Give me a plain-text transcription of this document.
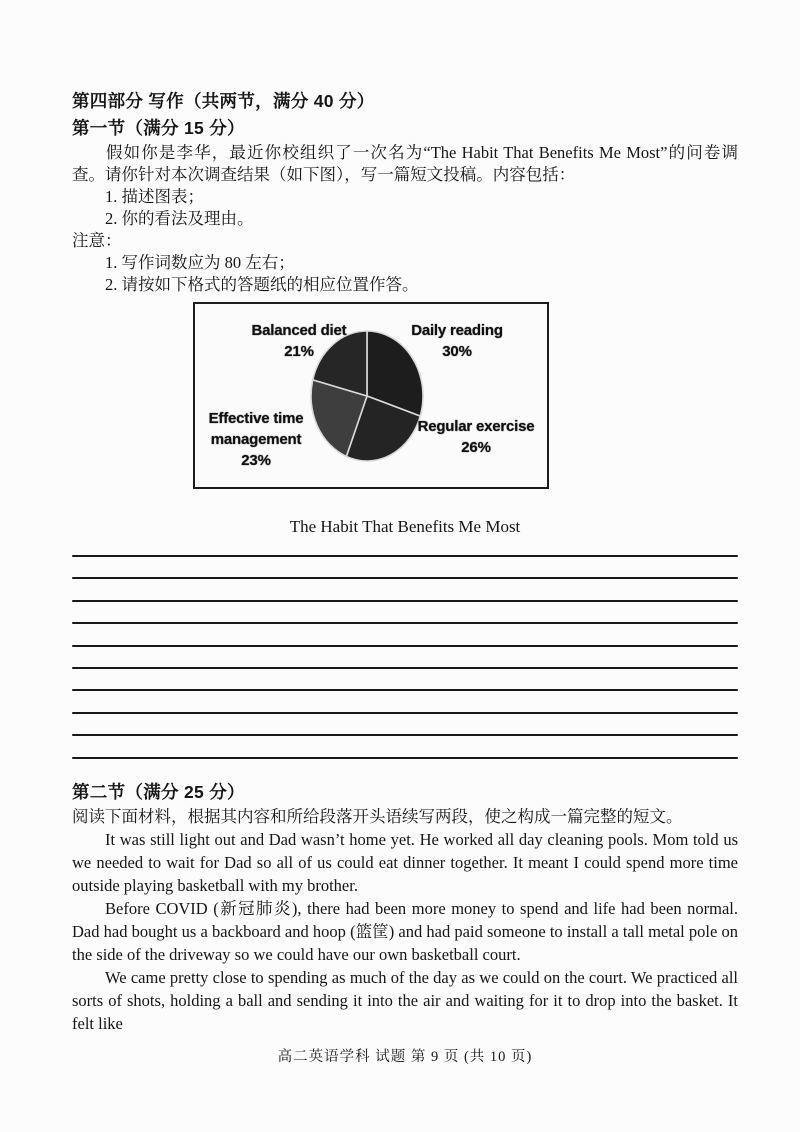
第四部分 写作（共两节，满分 40 分）
第一节（满分 15 分）
假如你是李华，最近你校组织了一次名为“The Habit That Benefits Me Most”的问卷调查。请你针对本次调查结果（如下图），写一篇短文投稿。内容包括：
1. 描述图表；
2. 你的看法及理由。
注意：
1. 写作词数应为 80 左右；
2. 请按如下格式的答题纸的相应位置作答。
Balanced diet
21%
Daily reading
30%
Effective time management
23%
Regular exercise
26%
The Habit That Benefits Me Most
第二节（满分 25 分）
阅读下面材料，根据其内容和所给段落开头语续写两段，使之构成一篇完整的短文。

It was still light out and Dad wasn’t home yet. He worked all day cleaning pools. Mom told us we needed to wait for Dad so all of us could eat dinner together. It meant I could spend more time outside playing basketball with my brother.

Before COVID (新冠肺炎), there had been more money to spend and life had been normal. Dad had bought us a backboard and hoop (篮筐) and had paid someone to install a tall metal pole on the side of the driveway so we could have our own basketball court.

We came pretty close to spending as much of the day as we could on the court. We practiced all sorts of shots, holding a ball and sending it into the air and waiting for it to drop into the basket. It felt like

高二英语学科 试题 第 9 页 (共 10 页)
